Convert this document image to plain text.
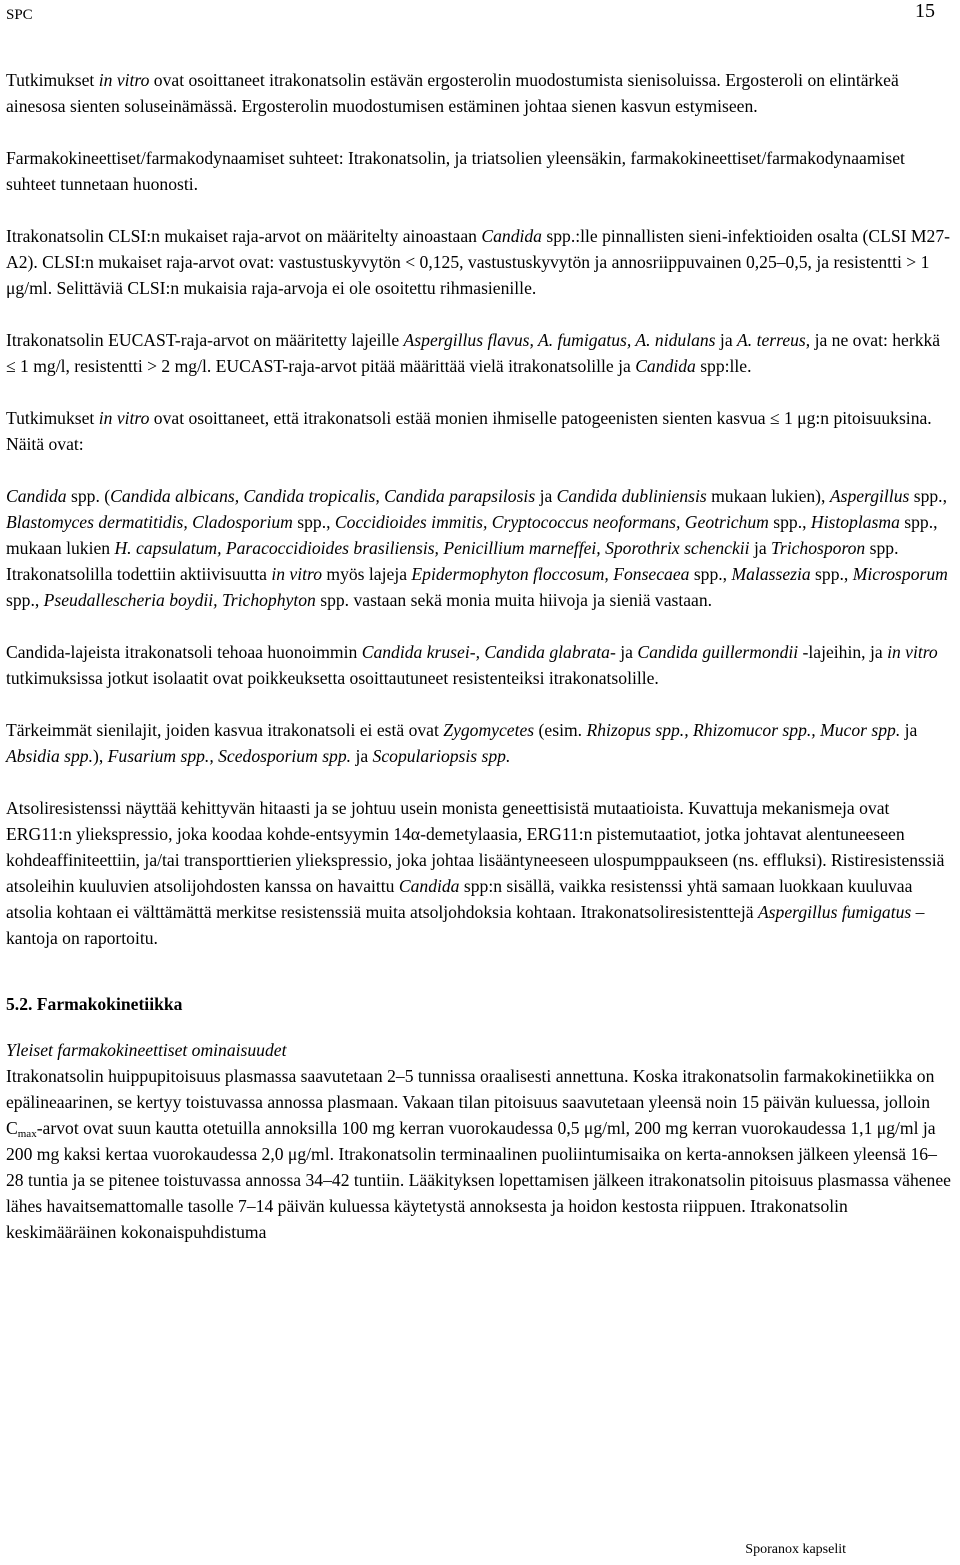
SPC	15

Tutkimukset in vitro ovat osoittaneet itrakonatsolin estävän ergosterolin muodostumista sienisoluissa. Ergosteroli on elintärkeä ainesosa sienten soluseinämässä. Ergosterolin muodostumisen estäminen johtaa sienen kasvun estymiseen.

Farmakokineettiset/farmakodynaamiset suhteet: Itrakonatsolin, ja triatsolien yleensäkin, farmakokineettiset/farmakodynaamiset suhteet tunnetaan huonosti.

Itrakonatsolin CLSI:n mukaiset raja-arvot on määritelty ainoastaan Candida spp.:lle pinnallisten sieni-infektioiden osalta (CLSI M27-A2). CLSI:n mukaiset raja-arvot ovat: vastustuskyvytön < 0,125, vastustuskyvytön ja annosriippuvainen 0,25–0,5, ja resistentti > 1 μg/ml. Selittäviä CLSI:n mukaisia raja-arvoja ei ole osoitettu rihmasienille.

Itrakonatsolin EUCAST-raja-arvot on määritetty lajeille Aspergillus flavus, A. fumigatus, A. nidulans ja A. terreus, ja ne ovat: herkkä ≤ 1 mg/l, resistentti > 2 mg/l. EUCAST-raja-arvot pitää määrittää vielä itrakonatsolille ja Candida spp:lle.

Tutkimukset in vitro ovat osoittaneet, että itrakonatsoli estää monien ihmiselle patogeenisten sienten kasvua ≤ 1 μg:n pitoisuuksina. Näitä ovat:

Candida spp. (Candida albicans, Candida tropicalis, Candida parapsilosis ja Candida dubliniensis mukaan lukien), Aspergillus spp., Blastomyces dermatitidis, Cladosporium spp., Coccidioides immitis, Cryptococcus neoformans, Geotrichum spp., Histoplasma spp., mukaan lukien H. capsulatum, Paracoccidioides brasiliensis, Penicillium marneffei, Sporothrix schenckii ja Trichosporon spp. Itrakonatsolilla todettiin aktiivisuutta in vitro myös lajeja Epidermophyton floccosum, Fonsecaea spp., Malassezia spp., Microsporum spp., Pseudallescheria boydii, Trichophyton spp. vastaan sekä monia muita hiivoja ja sieniä vastaan.

Candida-lajeista itrakonatsoli tehoaa huonoimmin Candida krusei-, Candida glabrata- ja Candida guillermondii -lajeihin, ja in vitro tutkimuksissa jotkut isolaatit ovat poikkeuksetta osoittautuneet resistenteiksi itrakonatsolille.

Tärkeimmät sienilajit, joiden kasvua itrakonatsoli ei estä ovat Zygomycetes (esim. Rhizopus spp., Rhizomucor spp., Mucor spp. ja Absidia spp.), Fusarium spp., Scedosporium spp. ja Scopulariopsis spp.

Atsoliresistenssi näyttää kehittyvän hitaasti ja se johtuu usein monista geneettisistä mutaatioista. Kuvattuja mekanismeja ovat ERG11:n yliekspressio, joka koodaa kohde-entsyymin 14α-demetylaasia, ERG11:n pistemutaatiot, jotka johtavat alentuneeseen kohdeaffiniteettiin, ja/tai transporttierien yliekspressio, joka johtaa lisääntyneeseen ulospumppaukseen (ns. effluksi). Ristiresistenssiä atsoleihin kuuluvien atsolijohdosten kanssa on havaittu Candida spp:n sisällä, vaikka resistenssi yhtä samaan luokkaan kuuluvaa atsolia kohtaan ei välttämättä merkitse resistenssiä muita atsoljohdoksia kohtaan. Itrakonatsoliresistenttejä Aspergillus fumigatus –kantoja on raportoitu.

5.2. Farmakokinetiikka

Yleiset farmakokineettiset ominaisuudet

Itrakonatsolin huippupitoisuus plasmassa saavutetaan 2–5 tunnissa oraalisesti annettuna. Koska itrakonatsolin farmakokinetiikka on epälineaarinen, se kertyy toistuvassa annossa plasmaan. Vakaan tilan pitoisuus saavutetaan yleensä noin 15 päivän kuluessa, jolloin $C_{max}$-arvot ovat suun kautta otetuilla annoksilla 100 mg kerran vuorokaudessa 0,5 μg/ml, 200 mg kerran vuorokaudessa 1,1 μg/ml ja 200 mg kaksi kertaa vuorokaudessa 2,0 μg/ml. Itrakonatsolin terminaalinen puoliintumisaika on kerta-annoksen jälkeen yleensä 16–28 tuntia ja se pitenee toistuvassa annossa 34–42 tuntiin. Lääkityksen lopettamisen jälkeen itrakonatsolin pitoisuus plasmassa vähenee lähes havaitsemattomalle tasolle 7–14 päivän kuluessa käytetystä annoksesta ja hoidon kestosta riippuen. Itrakonatsolin keskimääräinen kokonaispuhdistuma

Sporanox kapselit
